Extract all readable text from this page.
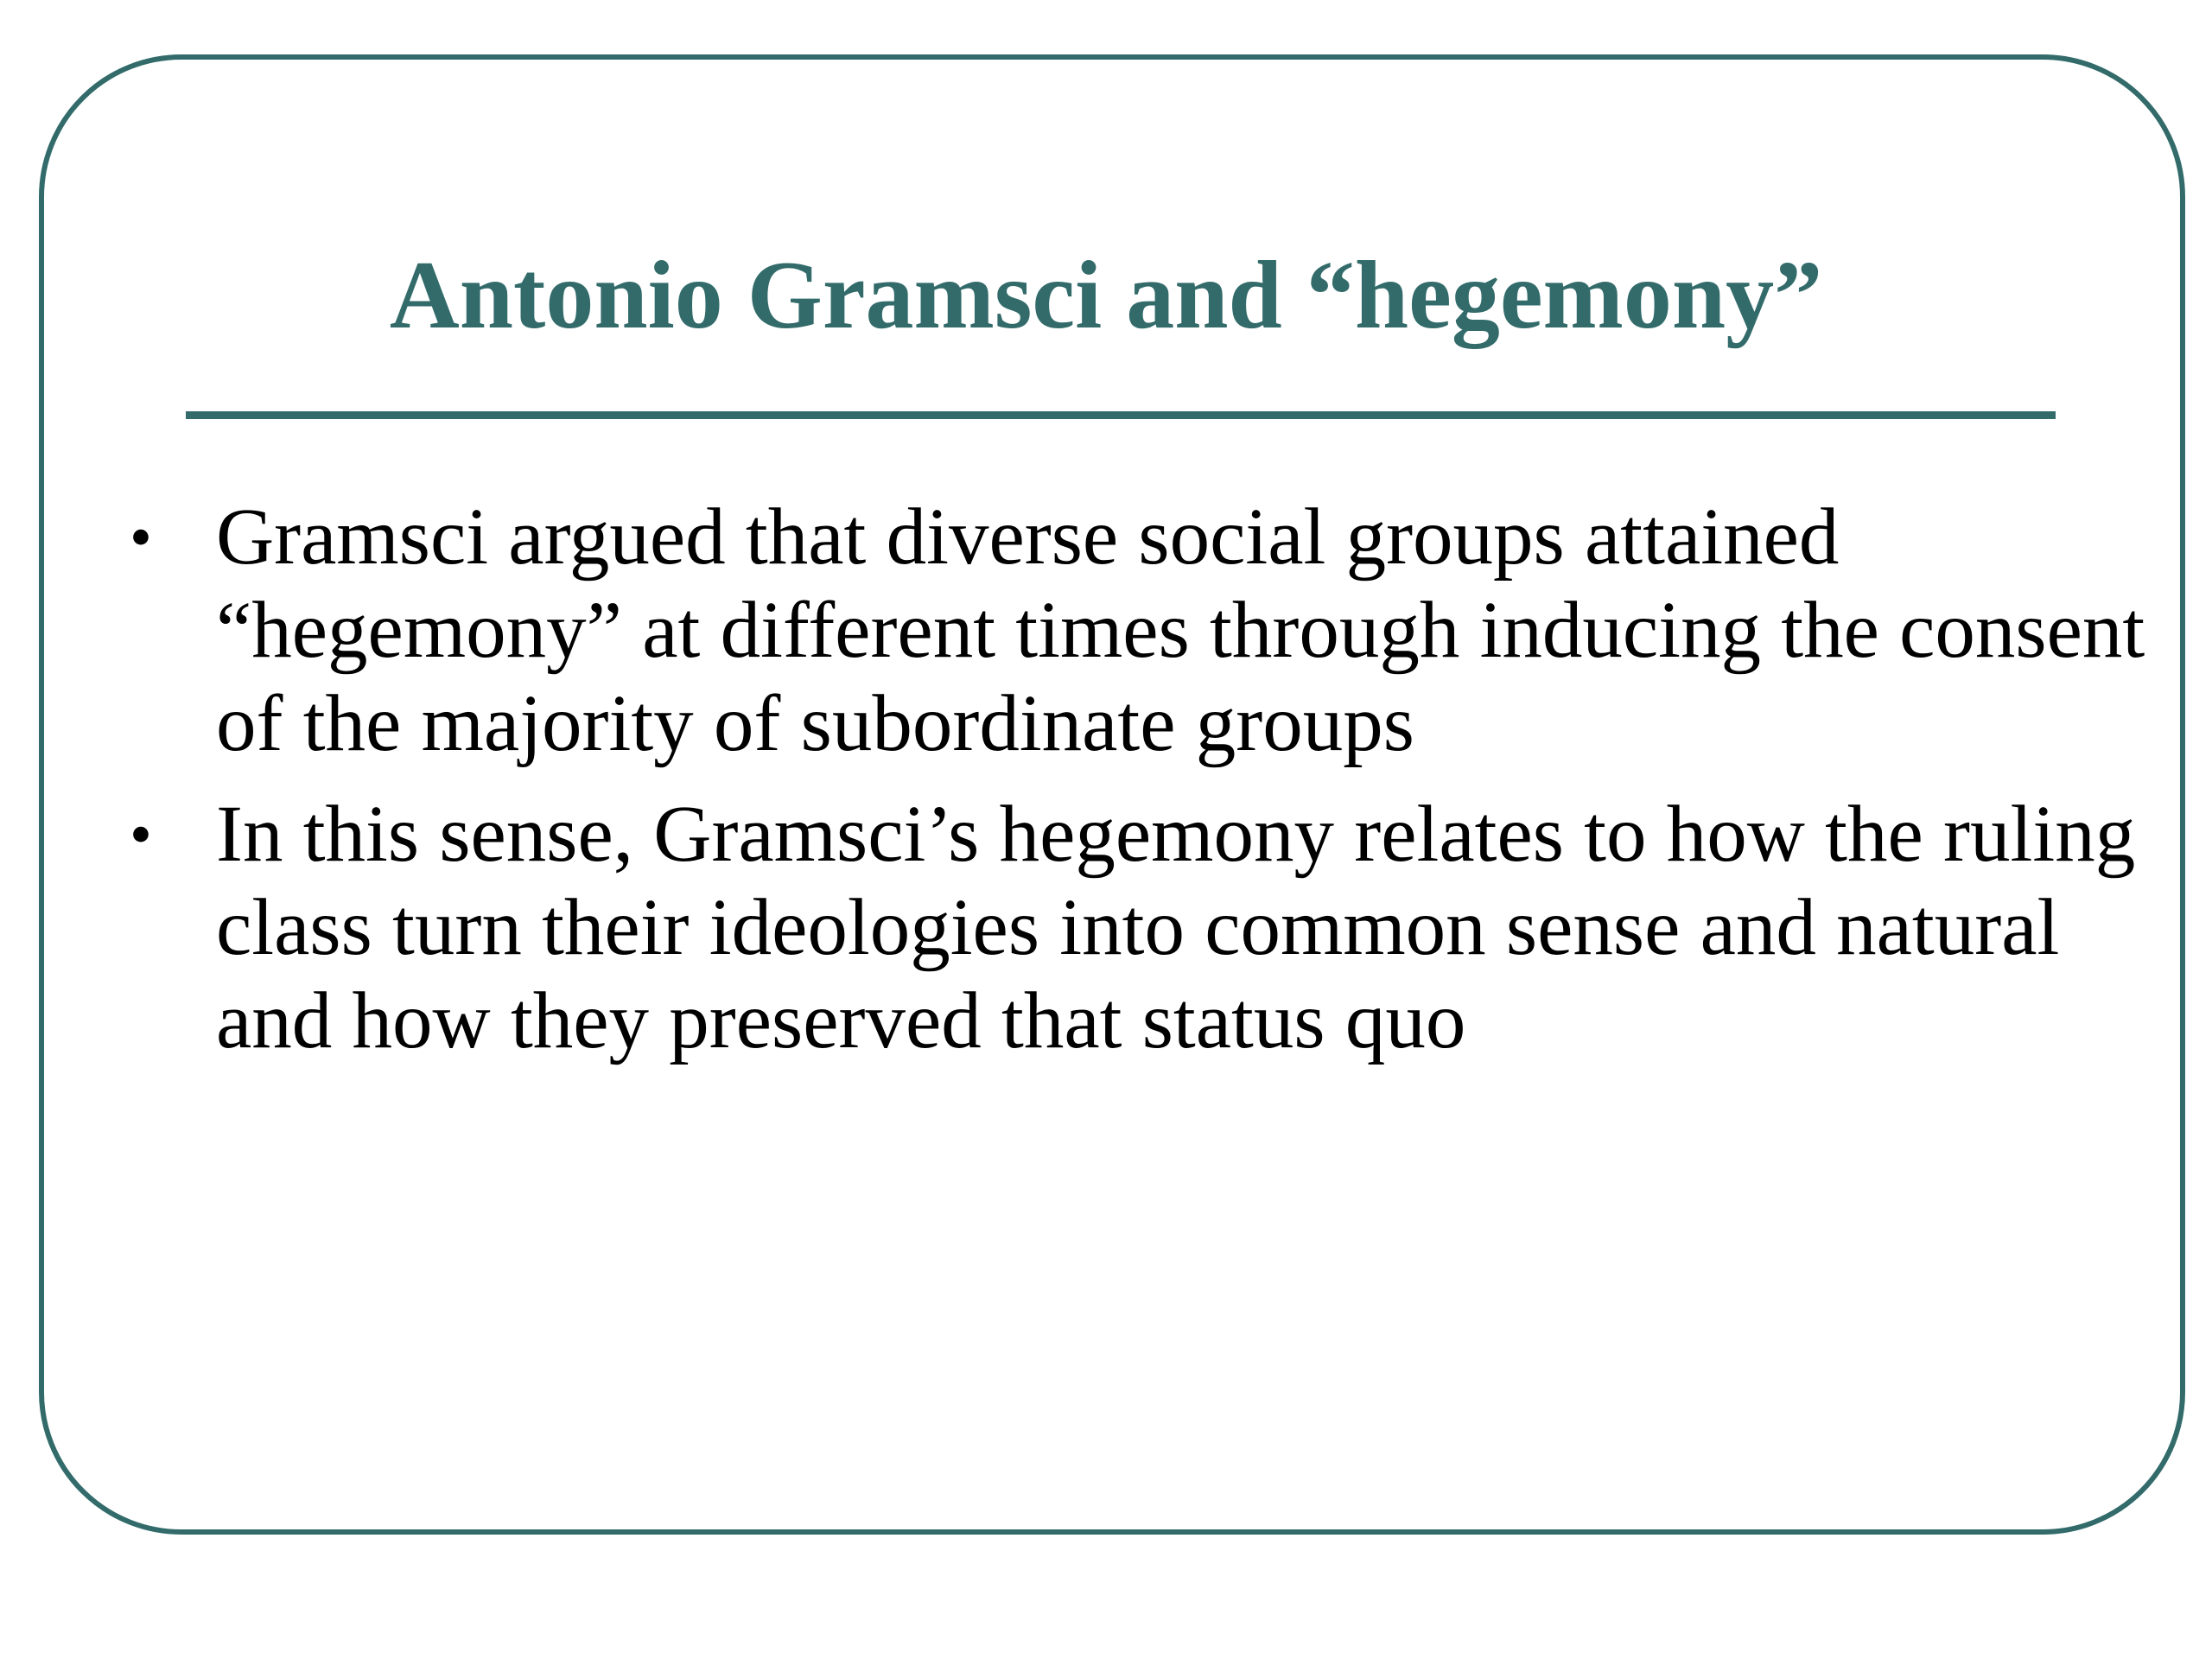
Antonio Gramsci and “hegemony”
• Gramsci argued that diverse social groups attained “hegemony” at different times through inducing the consent of the majority of subordinate groups
• In this sense, Gramsci’s hegemony relates to how the ruling class turn their ideologies into common sense and natural and how they preserved that status quo
